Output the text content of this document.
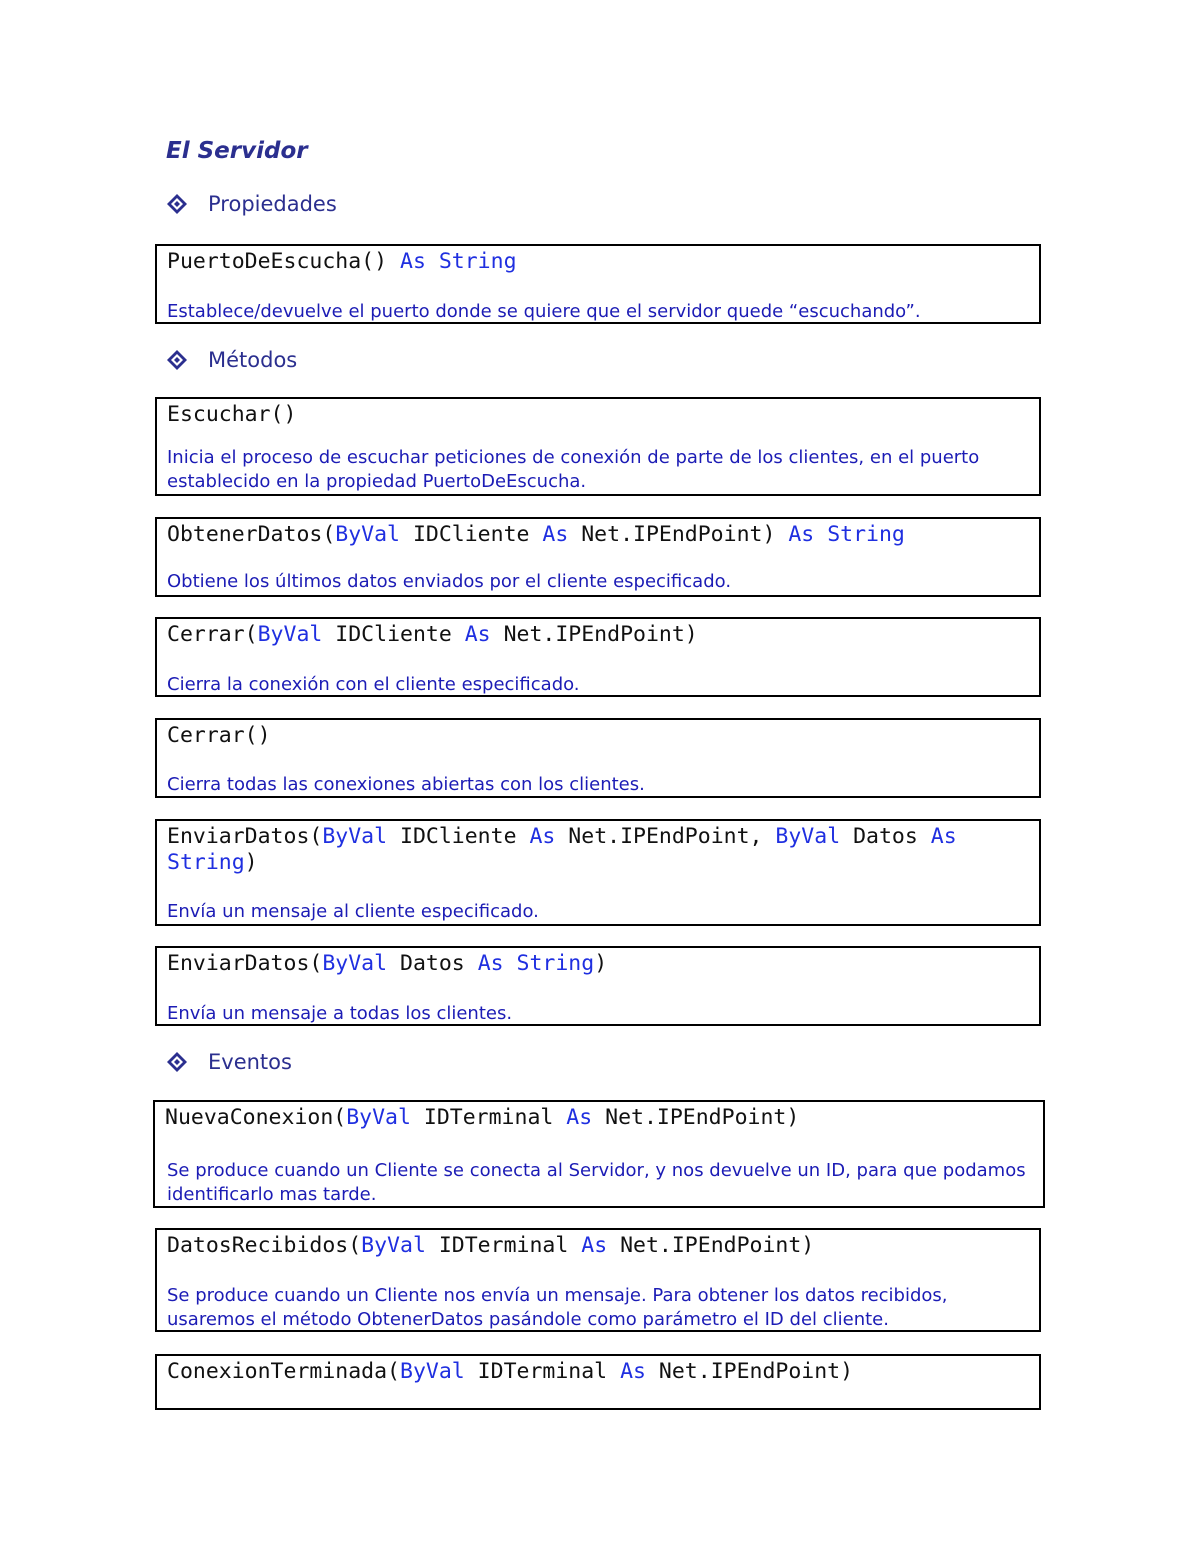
El Servidor
Propiedades
PuertoDeEscucha() As String

Establece/devuelve el puerto donde se quiere que el servidor quede “escuchando”.

Métodos
Escuchar()

Inicia el proceso de escuchar peticiones de conexión de parte de los clientes, en el puerto establecido en la propiedad PuertoDeEscucha.

ObtenerDatos(ByVal IDCliente As Net.IPEndPoint) As String

Obtiene los últimos datos enviados por el cliente especificado.

Cerrar(ByVal IDCliente As Net.IPEndPoint)

Cierra la conexión con el cliente especificado.

Cerrar()

Cierra todas las conexiones abiertas con los clientes.

EnviarDatos(ByVal IDCliente As Net.IPEndPoint, ByVal Datos As String)

Envía un mensaje al cliente especificado.

EnviarDatos(ByVal Datos As String)

Envía un mensaje a todas los clientes.

Eventos
NuevaConexion(ByVal IDTerminal As Net.IPEndPoint)

Se produce cuando un Cliente se conecta al Servidor, y nos devuelve un ID, para que podamos identificarlo mas tarde.

DatosRecibidos(ByVal IDTerminal As Net.IPEndPoint)

Se produce cuando un Cliente nos envía un mensaje. Para obtener los datos recibidos, usaremos el método ObtenerDatos pasándole como parámetro el ID del cliente.

ConexionTerminada(ByVal IDTerminal As Net.IPEndPoint)
